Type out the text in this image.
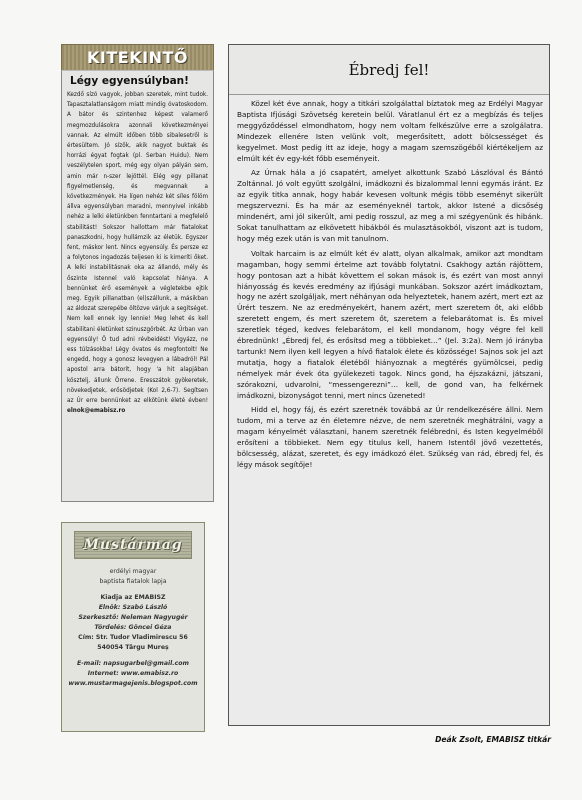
KITEKINTŐ
Légy egyensúlyban!
Kezdő sízó vagyok, jobban szeretek, mint tudok. Tapasztalatlanságom miatt mindig óvatoskodom. A bátor és szintenhez képest valamerő megmozdulásokra azonnali következményei vannak. Az elmúlt időben több sibalesetről is értesültem. Jó sízők, akik nagyot buktak és horrázi égyat fogtak (pl. Serban Huidu). Nem veszélytelen sport, még egy olyan pályán sem, amin már n-szer lejöttél. Elég egy pillanat figyelmetlenség, és megvannak a következmények. Ha lígen nehéz két síles fölöm állva egyensúlyban maradni, mennyivel inkább nehéz a lelki életünkben fenntartani a megfelelő stabilitást! Sokszor hallottam már fiatalokat panaszkodni, hogy hullámzik az életük. Egyszer fent, máskor lent. Nincs egyensúly. És persze ez a folytonos ingadozás teljesen ki is kimeríti őket. A lelki instabilitásnak oka az állandó, mély és őszinte Istennel való kapcsolat hiánya. A bennünket érő események a végletekbe ejtik meg. Egyik pillanatban (el)szállunk, a másikban az áldozat szerepébe öltözve várjuk a segítséget. Nem kell ennek így lennie! Meg lehet és kell stabilitani életünket szinuszgörbét. Az Úrban van egyensúly! Ő tud adni révbeidést! Vigyázz, ne ess túlzásokba! Légy óvatos és megfontolt! Ne engedd, hogy a gonosz levegyen a lábadról! Pál apostol arra bátorít, hogy 'a hit alapjában kösztelj, állunk Örrene. Eresszátok gyökeretek, növekedjetek, erősödjetek (Kol 2,6-7). Segítsen az Úr erre bennünket az elkötünk életé évben! elnok@emabisz.ro
Mustármag
erdélyi magyar
baptista fiatalok lapja
Kiadja az EMABISZ
Elnök: Szabó László
Szerkesztő: Neleman Nagyugér
Tördelés: Göncei Géza
Cím: Str. Tudor Vladimirescu 56
540054 Târgu Mureș
E-mail: napsugarbel@gmail.com
Internet: www.emabisz.ro
www.mustarmagejenis.blogspot.com
Ébredj fel!

Közel két éve annak, hogy a titkári szolgálattal bíztatok meg az Erdélyi Magyar Baptista Ifjúsági Szövetség keretein belül. Váratlanul ért ez a megbízás és teljes meggyőződéssel elmondhatom, hogy nem voltam felkészülve erre a szolgálatra. Mindezek ellenére Isten velünk volt, megerősített, adott bölcsességet és kegyelmet. Most pedig itt az ideje, hogy a magam szemszögéből kiértékeljem az elmúlt két év egy-két főbb eseményeit.

Az Úrnak hála a jó csapatért, amelyet alkottunk Szabó Lászlóval és Bántó Zoltánnal. Jó volt együtt szolgálni, imádkozni és bizalommal lenni egymás iránt. Ez az egyik titka annak, hogy habár kevesen voltunk mégis több eseményt sikerült megszervezni. És ha már az eseményeknél tartok, akkor Istené a dicsőség mindenért, ami jól sikerült, ami pedig rosszul, az meg a mi szégyenünk és hibánk. Sokat tanulhattam az elkövetett hibákból és mulasztásokból, viszont azt is tudom, hogy még ezek után is van mit tanulnom.

Voltak harcaim is az elmúlt két év alatt, olyan alkalmak, amikor azt mondtam magamban, hogy semmi értelme azt tovább folytatni. Csakhogy aztán rájöttem, hogy pontosan azt a hibát követtem el sokan mások is, és ezért van most annyi hiányosság és kevés eredmény az ifjúsági munkában. Sokszor azért imádkoztam, hogy ne azért szolgáljak, mert néhányan oda helyeztetek, hanem azért, mert ezt az Úrért teszem. Ne az eredményekért, hanem azért, mert szeretem őt, aki előbb szeretett engem, és mert szeretem őt, szeretem a felebarátomat is. És mivel szeretlek téged, kedves felebarátom, el kell mondanom, hogy végre fel kell ébrednünk! „Ébredj fel, és erősítsd meg a többieket…” (Jel. 3:2a). Nem jó irányba tartunk! Nem ilyen kell legyen a hívő fiatalok élete és közössége! Sajnos sok jel azt mutatja, hogy a fiatalok életéből hiányoznak a megtérés gyümölcsei, pedig némelyek már évek óta gyülekezeti tagok. Nincs gond, ha éjszakázni, játszani, szórakozni, udvarolni, “messengerezni”… kell, de gond van, ha felkérnek imádkozni, bizonyságot tenni, mert nincs üzeneted!

Hidd el, hogy fáj, és ezért szeretnék továbbá az Úr rendelkezésére állni. Nem tudom, mi a terve az én életemre nézve, de nem szeretnék meghátrálni, vagy a magam kényelmét választani, hanem szeretnék felébredni, és Isten kegyelméből erősíteni a többieket. Nem egy titulus kell, hanem Istentől jövő vezettetés, bölcsesség, alázat, szeretet, és egy imádkozó élet. Szükség van rád, ébredj fel, és légy mások segítője!

Deák Zsolt, EMABISZ titkár
